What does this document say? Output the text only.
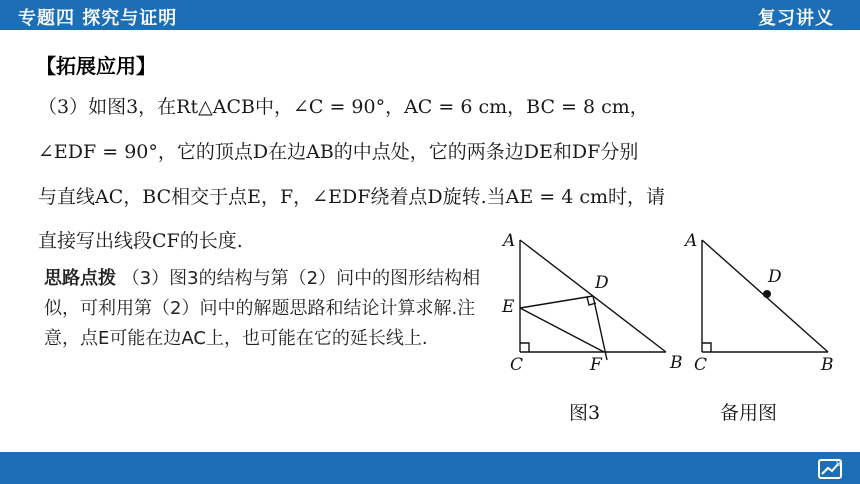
专题四 探究与证明	复习讲义
【拓展应用】
（3）如图3，在Rt△ACB中，∠C = 90°，AC = 6 cm，BC = 8 cm，
∠EDF = 90°，它的顶点D在边AB的中点处，它的两条边DE和DF分别
与直线AC，BC相交于点E，F，∠EDF绕着点D旋转.当AE = 4 cm时，请
直接写出线段CF的长度.
思路点拨 （3）图3的结构与第（2）问中的图形结构相似，可利用第（2）问中的解题思路和结论计算求解.注意，点E可能在边AC上，也可能在它的延长线上.
A
B
C
D
E
F
A
B
C
D
图3	备用图
9
